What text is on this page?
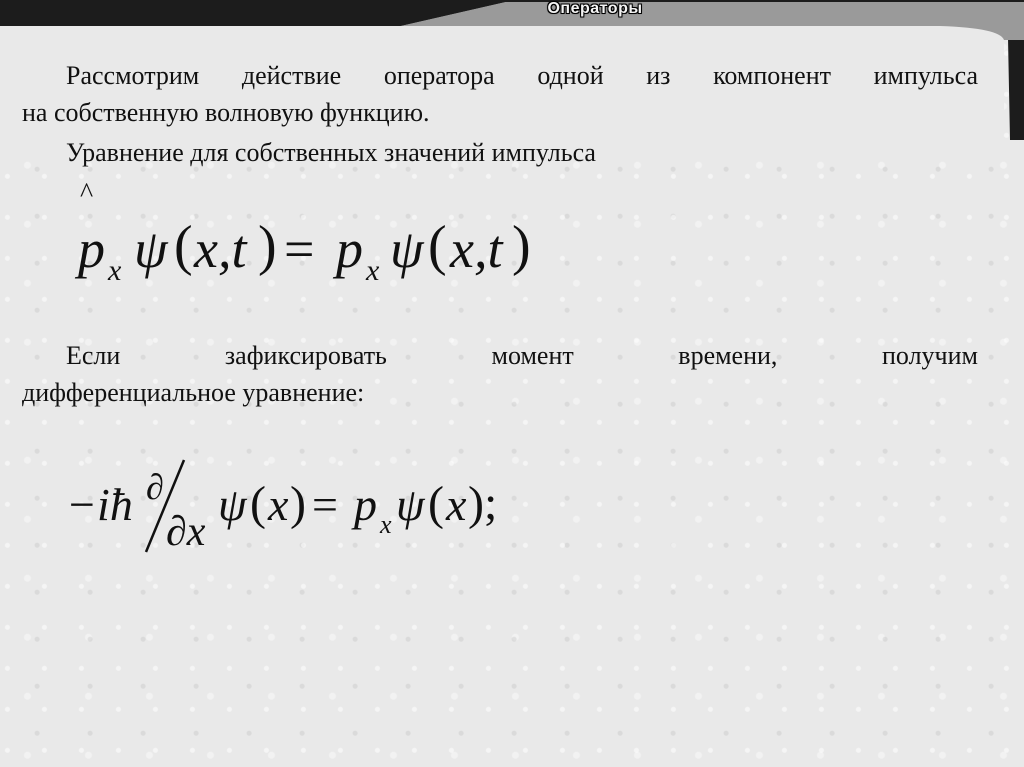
Операторы
Рассмотрим действие оператора одной из компонент импульса
на собственную волновую функцию.
Уравнение для собственных значений импульса
^
p x ψ ( x,t ) = p x ψ ( x,t )
Если зафиксировать момент времени, получим
дифференциальное уравнение:
−iħ ∂
∂x
ψ ( x ) = p x ψ ( x );
